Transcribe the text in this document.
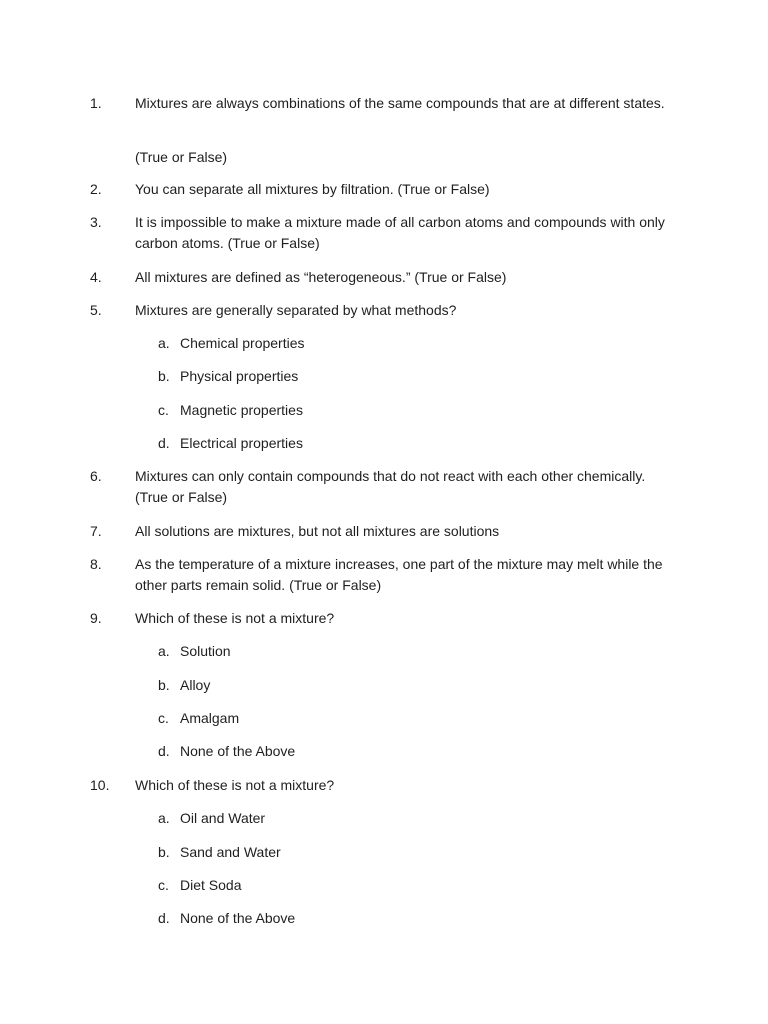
1.	Mixtures are always combinations of the same compounds that are at different states.
(True or False)
2.	You can separate all mixtures by filtration. (True or False)
3.	It is impossible to make a mixture made of all carbon atoms and compounds with only carbon atoms. (True or False)
4.	All mixtures are defined as “heterogeneous.” (True or False)
5.	Mixtures are generally separated by what methods?
a. Chemical properties
b. Physical properties
c. Magnetic properties
d. Electrical properties
6.	Mixtures can only contain compounds that do not react with each other chemically. (True or False)
7.	All solutions are mixtures, but not all mixtures are solutions
8.	As the temperature of a mixture increases, one part of the mixture may melt while the other parts remain solid. (True or False)
9.	Which of these is not a mixture?
a. Solution
b. Alloy
c. Amalgam
d. None of the Above
10.	Which of these is not a mixture?
a. Oil and Water
b. Sand and Water
c. Diet Soda
d. None of the Above
